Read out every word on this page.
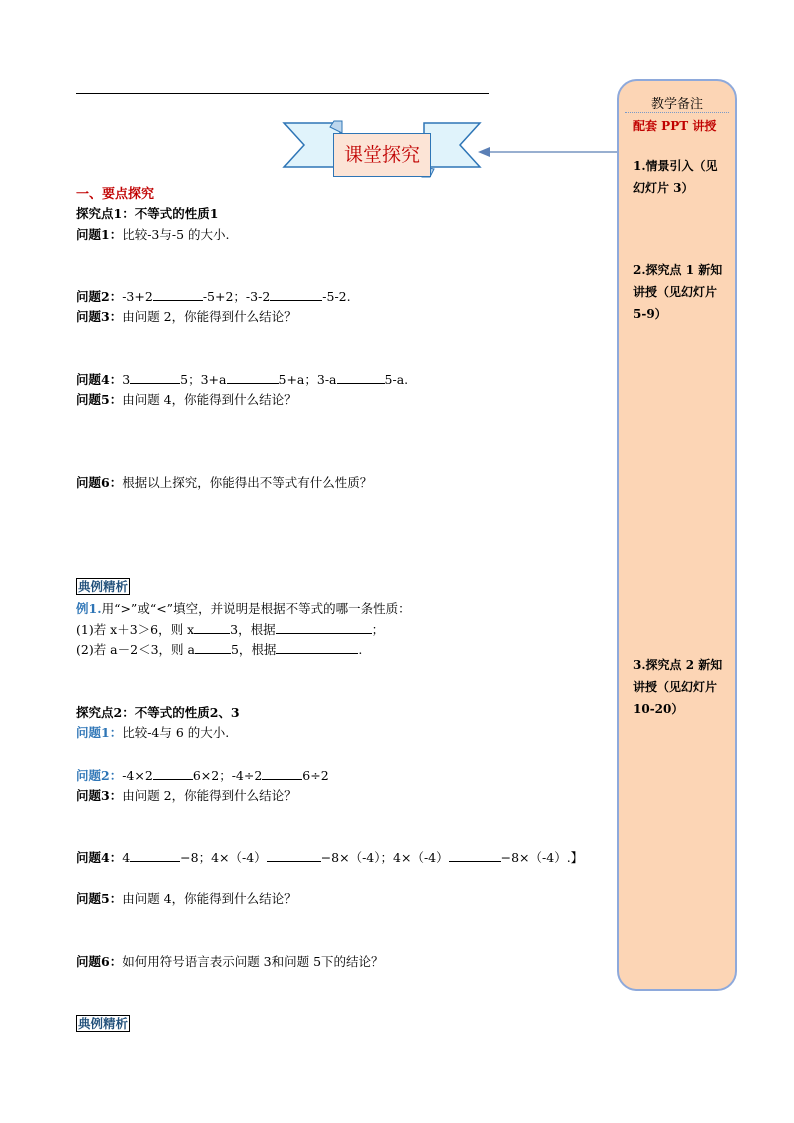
课堂探究
一、要点探究
探究点1：不等式的性质1
问题1：比较-3与-5 的大小.
问题2：-3+2	-5+2；-3-2	-5-2.
问题3：由问题 2，你能得到什么结论？
问题4：3	5；3+a	5+a；3-a	5-a.
问题5：由问题 4，你能得到什么结论？
问题6：根据以上探究，你能得出不等式有什么性质？
典例精析
例1.用“>”或“<”填空，并说明是根据不等式的哪一条性质：
(1)若 x＋3＞6，则 x	3，根据	；
(2)若 a－2＜3，则 a	5，根据	.
探究点2：不等式的性质2、3
问题1：比较-4与 6 的大小.
问题2：-4×2	6×2；-4÷2	6÷2
问题3：由问题 2，你能得到什么结论？
问题4：4	−8；4×（-4）	−8×（-4）；4×（-4）	−8×（-4）.】
问题5：由问题 4，你能得到什么结论？
问题6：如何用符号语言表示问题 3和问题 5下的结论？
典例精析
教学备注
配套 PPT 讲授
1.情景引入（见幻灯片 3）
2.探究点 1 新知讲授（见幻灯片 5-9）
3.探究点 2 新知讲授（见幻灯片 10-20）
